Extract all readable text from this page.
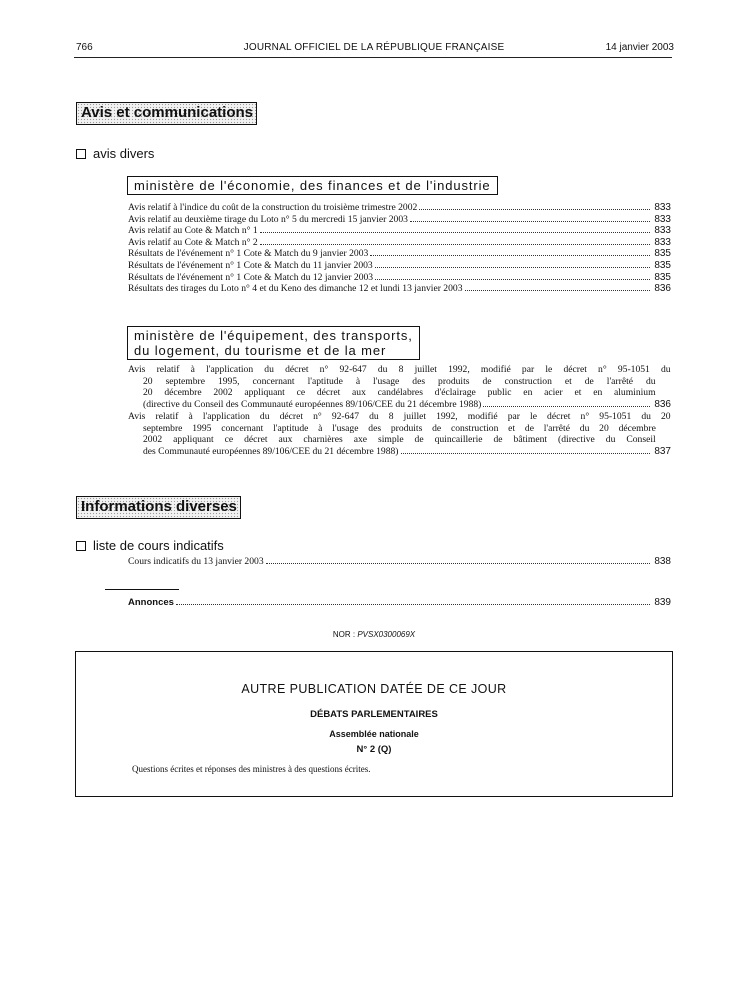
766	JOURNAL OFFICIEL DE LA RÉPUBLIQUE FRANÇAISE	14 janvier 2003
Avis et communications
avis divers
ministère de l'économie, des finances et de l'industrie
Avis relatif à l'indice du coût de la construction du troisième trimestre 2002	833
Avis relatif au deuxième tirage du Loto n° 5 du mercredi 15 janvier 2003	833
Avis relatif au Cote & Match n° 1	833
Avis relatif au Cote & Match n° 2	833
Résultats de l'événement n° 1 Cote & Match du 9 janvier 2003	835
Résultats de l'événement n° 1 Cote & Match du 11 janvier 2003	835
Résultats de l'événement n° 1 Cote & Match du 12 janvier 2003	835
Résultats des tirages du Loto n° 4 et du Keno des dimanche 12 et lundi 13 janvier 2003	836
ministère de l'équipement, des transports,
du logement, du tourisme et de la mer
Avis relatif à l'application du décret n° 92-647 du 8 juillet 1992, modifié par le décret n° 95-1051 du
20 septembre 1995, concernant l'aptitude à l'usage des produits de construction et de l'arrêté du
20 décembre 2002 appliquant ce décret aux candélabres d'éclairage public en acier et en aluminium
(directive du Conseil des Communauté européennes 89/106/CEE du 21 décembre 1988)	836
Avis relatif à l'application du décret n° 92-647 du 8 juillet 1992, modifié par le décret n° 95-1051 du 20
septembre 1995 concernant l'aptitude à l'usage des produits de construction et de l'arrêté du 20 décembre
2002 appliquant ce décret aux charnières axe simple de quincaillerie de bâtiment (directive du Conseil
des Communauté européennes 89/106/CEE du 21 décembre 1988)	837
Informations diverses
liste de cours indicatifs
Cours indicatifs du 13 janvier 2003	838
Annonces	839
NOR : PVSX0300069X
AUTRE PUBLICATION DATÉE DE CE JOUR
DÉBATS PARLEMENTAIRES
Assemblée nationale
N° 2 (Q)
Questions écrites et réponses des ministres à des questions écrites.
